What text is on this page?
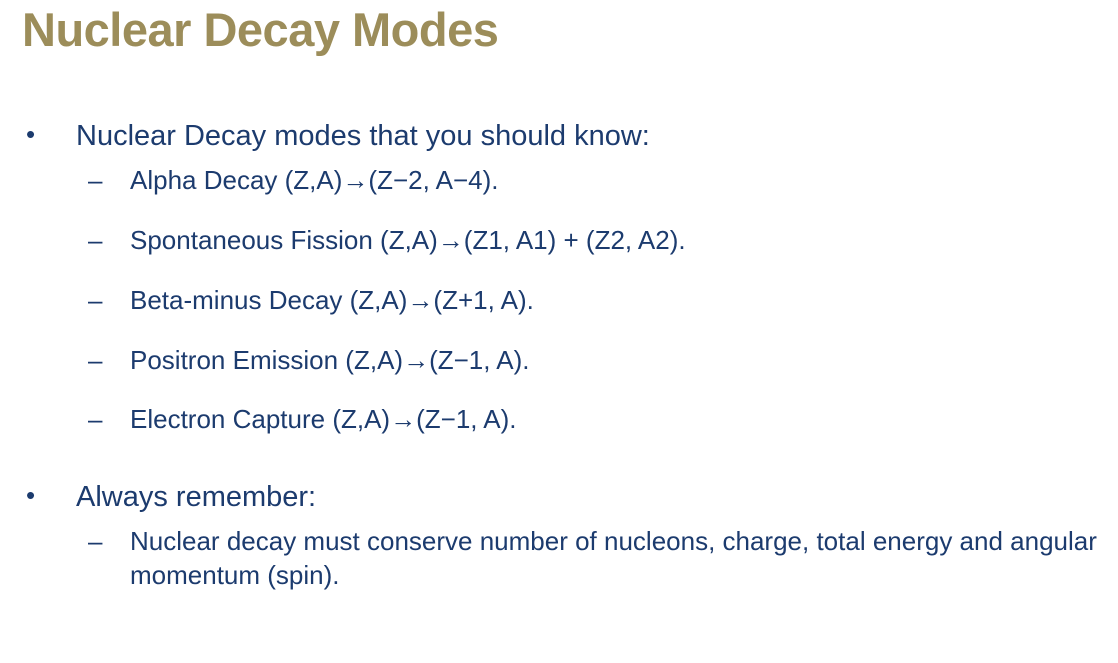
Nuclear Decay Modes
•	Nuclear Decay modes that you should know:
–	Alpha Decay (Z,A)→(Z−2, A−4).
–	Spontaneous Fission (Z,A)→(Z1, A1) + (Z2, A2).
–	Beta-minus Decay (Z,A)→(Z+1, A).
–	Positron Emission (Z,A)→(Z−1, A).
–	Electron Capture (Z,A)→(Z−1, A).
•	Always remember:
–	Nuclear decay must conserve number of nucleons, charge, total energy and angular momentum (spin).
